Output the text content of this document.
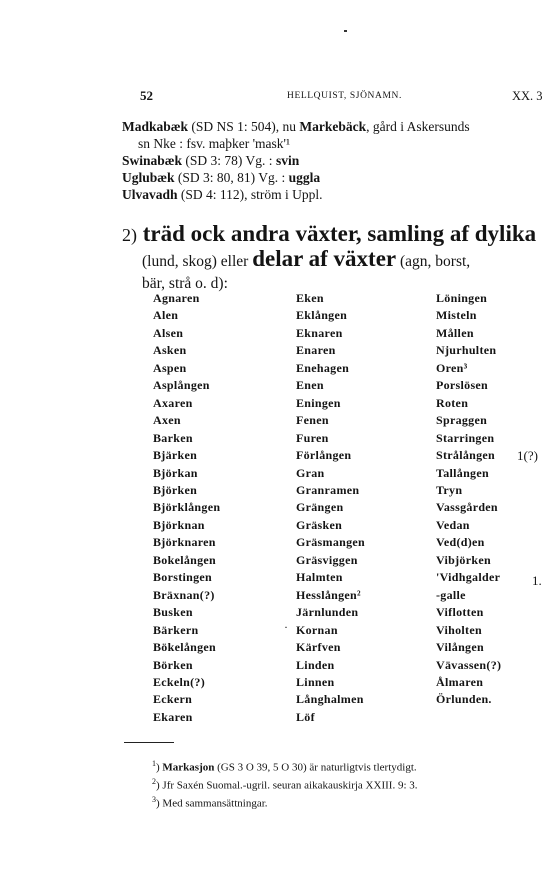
52	HELLQUIST, SJÖNAMN.	XX. 3
Madkabæk (SD NS 1: 504), nu Markebäck, gård i Askersunds
sn Nke : fsv. maþker 'mask'¹
Swinabæk (SD 3: 78) Vg. : svin
Uglubæk (SD 3: 80, 81) Vg. : uggla
Ulvavadh (SD 4: 112), ström i Uppl.
2) träd ock andra växter, samling af dylika
(lund, skog) eller delar af växter (agn, borst,
bär, strå o. d):
Agnaren
Alen
Alsen
Asken
Aspen
Asplången
Axaren
Axen
Barken
Bjärken
Björkan
Björken
Björklången
Björknan
Björknaren
Bokelången
Borstingen
Bräxnan(?)
Busken
Bärkern
Bökelången
Börken
Eckeln(?)
Eckern
Ekaren
Eken
Eklången
Eknaren
Enaren
Enehagen
Enen
Eningen
Fenen
Furen
Förlången
Gran
Granramen
Grängen
Gräsken
Gräsmangen
Gräsviggen
Halmten
Hesslången²
Järnlunden
Kornan
Kärfven
Linden
Linnen
Långhalmen
Löf
Löningen
Misteln
Mållen
Njurhulten
Oren³
Porslösen
Roten
Spraggen
Starringen
Strålången
Tallången
Tryn
Vassgården
Vedan
Ved(d)en
Vibjörken
'Vidhgalder
-galle
Viflotten
Viholten
Vilången
Vävassen(?)
Ålmaren
Örlunden.
1(?)
1.
·
$^1$) Markasjon (GS 3 O 39, 5 O 30) är naturligtvis tlertydigt.
$^2$) Jfr Saxén Suomal.-ugril. seuran aikakauskirja XXIII. 9: 3.
$^3$) Med sammansättningar.
